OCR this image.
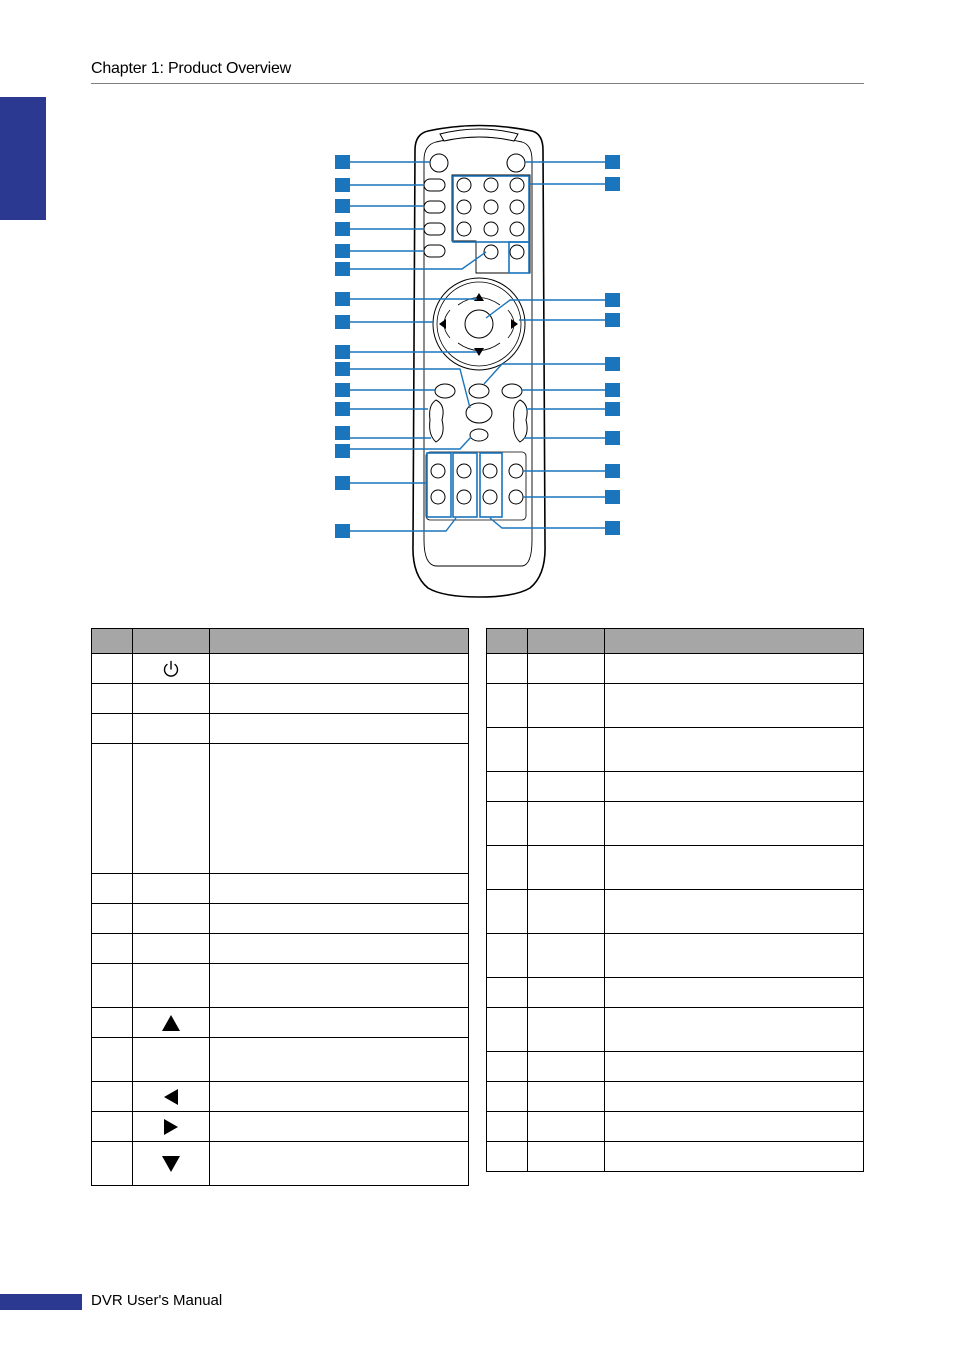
Chapter 1: Product Overview

DVR User's Manual
